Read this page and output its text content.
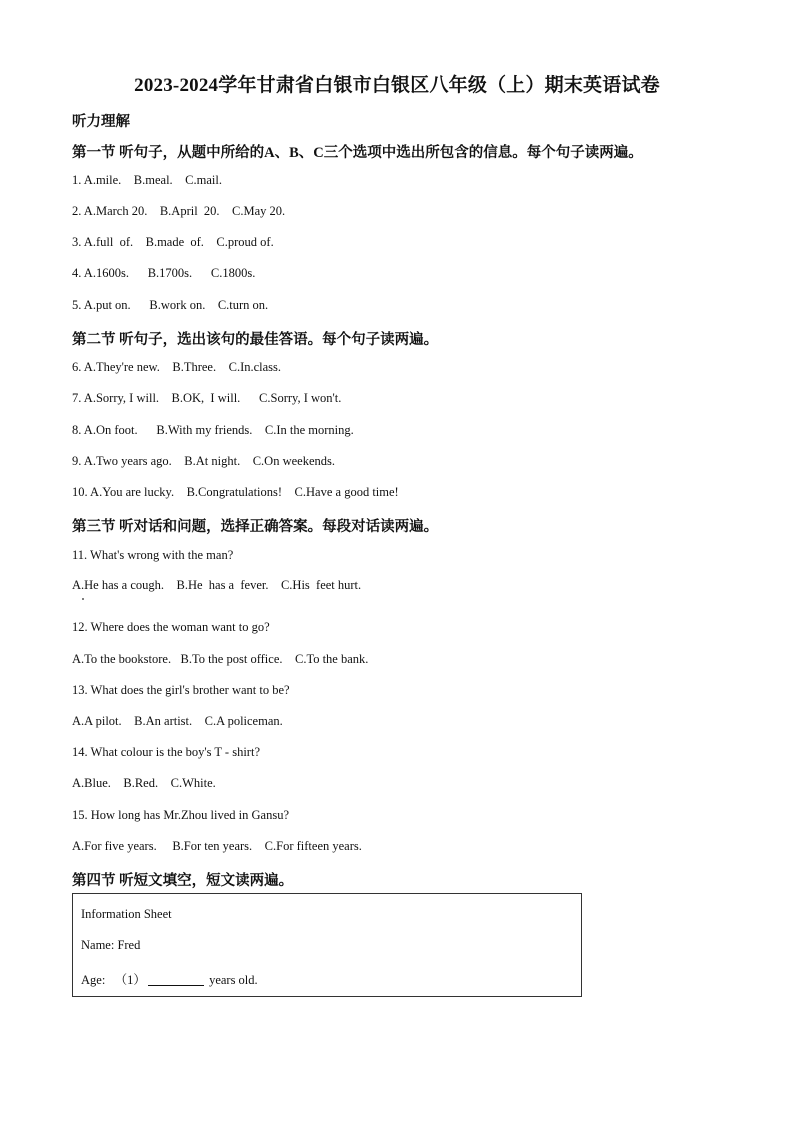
2023-2024学年甘肃省白银市白银区八年级（上）期末英语试卷
听力理解
第一节 听句子，从题中所给的A、B、C三个选项中选出所包含的信息。每个句子读两遍。
1. A.mile.    B.meal.    C.mail.
2. A.March 20.    B.April  20.    C.May 20.
3. A.full  of.    B.made  of.    C.proud of.
4. A.1600s.      B.1700s.      C.1800s.
5. A.put on.      B.work on.    C.turn on.
第二节 听句子，选出该句的最佳答语。每个句子读两遍。
6. A.They're new.    B.Three.    C.In.class.
7. A.Sorry, I will.    B.OK,  I will.      C.Sorry, I won't.
8. A.On foot.      B.With my friends.    C.In the morning.
9. A.Two years ago.    B.At night.    C.On weekends.
10. A.You are lucky.    B.Congratulations!    C.Have a good time!
第三节 听对话和问题，选择正确答案。每段对话读两遍。
11. What's wrong with the man?
A.He has a cough.    B.He  has a  fever.    C.His  feet hurt.
12. Where does the woman want to go?
A.To the bookstore.   B.To the post office.    C.To the bank.
13. What does the girl's brother want to be?
A.A pilot.    B.An artist.    C.A policeman.
14. What colour is the boy's T - shirt?
A.Blue.    B.Red.    C.White.
15. How long has Mr.Zhou lived in Gansu?
A.For five years.     B.For ten years.    C.For fifteen years.
第四节 听短文填空，短文读两遍。
Information Sheet
Name: Fred
Age:   （1）	years old.
